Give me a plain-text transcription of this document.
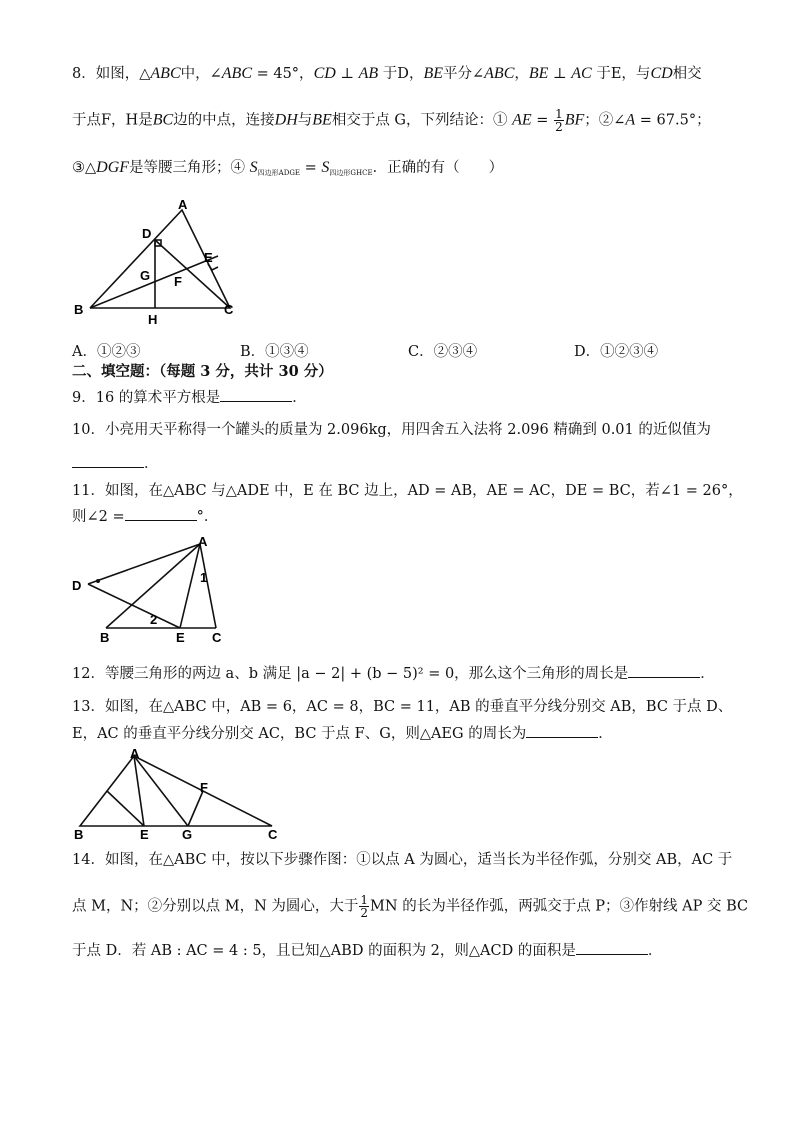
8．如图，△ABC中，∠ABC = 45°，CD ⊥ AB 于D，BE平分∠ABC，BE ⊥ AC 于E，与CD相交
于点F，H是BC边的中点，连接DH与BE相交于点 G，下列结论：① AE = $\frac{1}{2}$ BF；②∠A = 67.5°；
③△DGF是等腰三角形；④ $S_{四边形ADGE} = S_{四边形GHCE}$．正确的有（　　）
A
D
E
G F
B
H
C
A．①②③	B．①③④	C．②③④	D．①②③④
二、填空题：（每题 3 分，共计 30 分）
9．16 的算术平方根是	．
10．小亮用天平称得一个罐头的质量为 2.096kg，用四舍五入法将 2.096 精确到 0.01 的近似值为
．
11．如图，在△ABC 与△ADE 中，E 在 BC 边上，AD = AB，AE = AC，DE = BC，若∠1 = 26°，
则∠2 =	°．
A
D
1
2
B	E C
12．等腰三角形的两边 a、b 满足 |a − 2| + (b − 5)² = 0，那么这个三角形的周长是	．
13．如图，在△ABC 中，AB = 6，AC = 8，BC = 11，AB 的垂直平分线分别交 AB，BC 于点 D、
E，AC 的垂直平分线分别交 AC，BC 于点 F、G，则△AEG 的周长为	．
A
F
B	E	G	C
14．如图，在△ABC 中，按以下步骤作图：①以点 A 为圆心，适当长为半径作弧，分别交 AB，AC 于
点 M，N；②分别以点 M，N 为圆心，大于 $\frac{1}{2}$ MN 的长为半径作弧，两弧交于点 P；③作射线 AP 交 BC
于点 D．若 AB : AC = 4 : 5，且已知△ABD 的面积为 2，则△ACD 的面积是	．
